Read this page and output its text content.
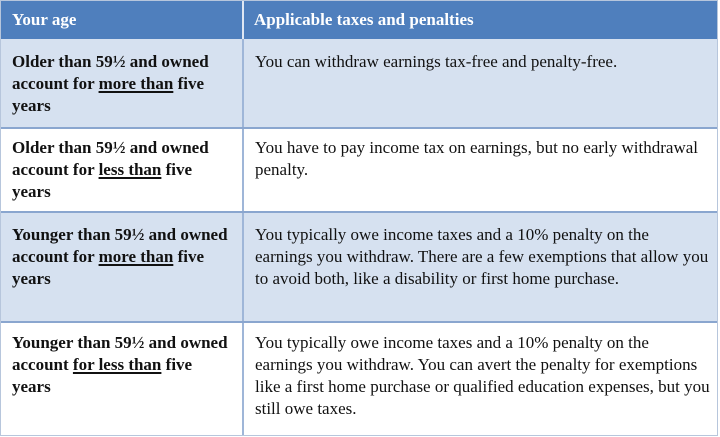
Your age	Applicable taxes and penalties
Older than 59½ and owned account for more than five years
You can withdraw earnings tax-free and penalty-free.
Older than 59½ and owned account for less than five years
You have to pay income tax on earnings, but no early withdrawal penalty.
Younger than 59½ and owned account for more than five years
You typically owe income taxes and a 10% penalty on the earnings you withdraw. There are a few exemptions that allow you to avoid both, like a disability or first home purchase.
Younger than 59½ and owned account for less than five years
You typically owe income taxes and a 10% penalty on the earnings you withdraw. You can avert the penalty for exemptions like a first home purchase or qualified education expenses, but you still owe taxes.
